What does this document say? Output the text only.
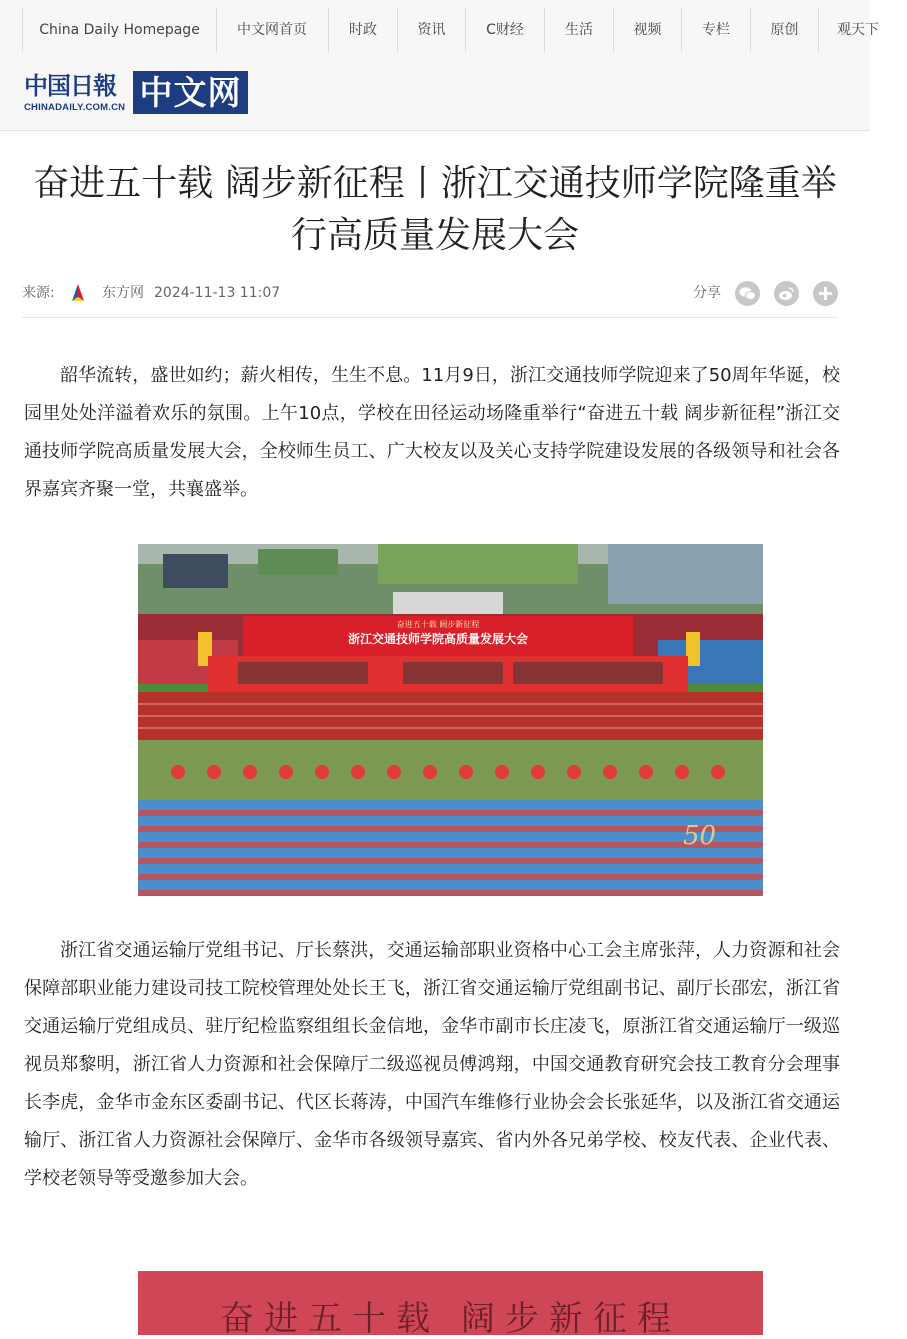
China Daily Homepage	中文网首页	时政	资讯	C财经	生活	视频	专栏	原创	观天下
中国日報
CHINADAILY.COM.CN 中文网
奋进五十载 阔步新征程丨浙江交通技师学院隆重举行高质量发展大会
来源:	东方网 2024-11-13 11:07	分享

韶华流转，盛世如约；薪火相传，生生不息。11月9日，浙江交通技师学院迎来了50周年华诞，校园里处处洋溢着欢乐的氛围。上午10点，学校在田径运动场隆重举行“奋进五十载 阔步新征程”浙江交通技师学院高质量发展大会，全校师生员工、广大校友以及关心支持学院建设发展的各级领导和社会各界嘉宾齐聚一堂，共襄盛举。

奋进五十载 阔步新征程
浙江交通技师学院高质量发展大会
50

浙江省交通运输厅党组书记、厅长蔡洪，交通运输部职业资格中心工会主席张萍，人力资源和社会保障部职业能力建设司技工院校管理处处长王飞，浙江省交通运输厅党组副书记、副厅长邵宏，浙江省交通运输厅党组成员、驻厅纪检监察组组长金信地，金华市副市长庄凌飞，原浙江省交通运输厅一级巡视员郑黎明，浙江省人力资源和社会保障厅二级巡视员傅鸿翔，中国交通教育研究会技工教育分会理事长李虎，金华市金东区委副书记、代区长蒋涛，中国汽车维修行业协会会长张延华，以及浙江省交通运输厅、浙江省人力资源社会保障厅、金华市各级领导嘉宾、省内外各兄弟学校、校友代表、企业代表、学校老领导等受邀参加大会。

奋进五十载 阔步新征程
